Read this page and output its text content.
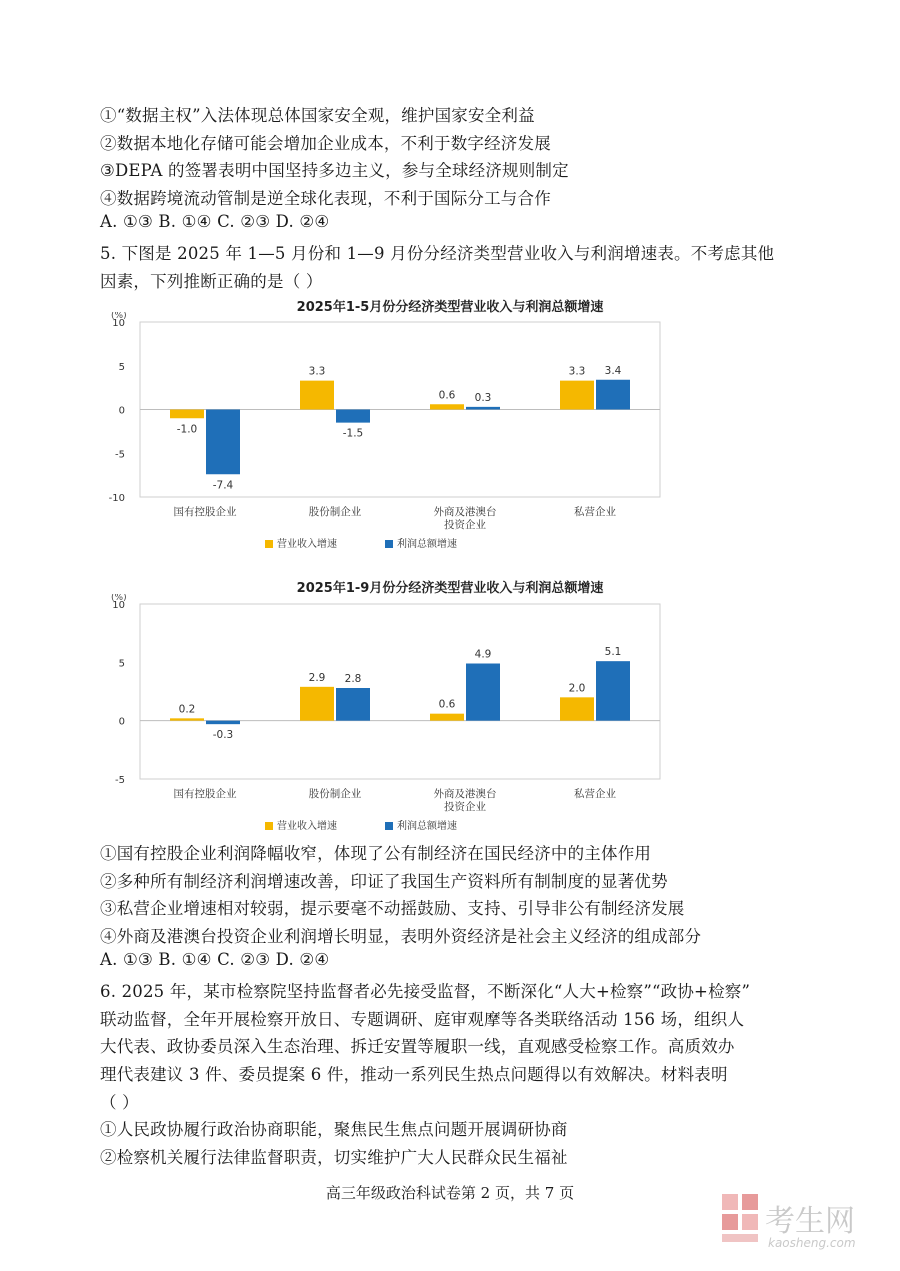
①“数据主权”入法体现总体国家安全观，维护国家安全利益
②数据本地化存储可能会增加企业成本，不利于数字经济发展
③DEPA 的签署表明中国坚持多边主义，参与全球经济规则制定
④数据跨境流动管制是逆全球化表现，不利于国际分工与合作
A. ①③ B. ①④ C. ②③ D. ②④
5. 下图是 2025 年 1—5 月份和 1—9 月份分经济类型营业收入与利润增速表。不考虑其他
因素，下列推断正确的是（ ）
2025年1-5月份分经济类型营业收入与利润总额增速
(%)
10
5
0
-5
-10
-1.0
-7.4
国有控股企业
3.3
-1.5
股份制企业
0.6 0.3
外商及港澳台
投资企业
3.3 3.4
私营企业
营业收入增速	利润总额增速
2025年1-9月份分经济类型营业收入与利润总额增速
(%)
10
5
0
-5
0.2
-0.3
国有控股企业
2.9 2.8
股份制企业
0.6
4.9
外商及港澳台
投资企业
2.0
5.1
私营企业
营业收入增速	利润总额增速
①国有控股企业利润降幅收窄，体现了公有制经济在国民经济中的主体作用
②多种所有制经济利润增速改善，印证了我国生产资料所有制制度的显著优势
③私营企业增速相对较弱，提示要毫不动摇鼓励、支持、引导非公有制经济发展
④外商及港澳台投资企业利润增长明显，表明外资经济是社会主义经济的组成部分
A. ①③ B. ①④ C. ②③ D. ②④
6. 2025 年，某市检察院坚持监督者必先接受监督，不断深化“人大+检察”“政协+检察”
联动监督，全年开展检察开放日、专题调研、庭审观摩等各类联络活动 156 场，组织人
大代表、政协委员深入生态治理、拆迁安置等履职一线，直观感受检察工作。高质效办
理代表建议 3 件、委员提案 6 件，推动一系列民生热点问题得以有效解决。材料表明
（ ）
①人民政协履行政治协商职能，聚焦民生焦点问题开展调研协商
②检察机关履行法律监督职责，切实维护广大人民群众民生福祉
高三年级政治科试卷第 2 页，共 7 页
考生网
kaosheng.com
